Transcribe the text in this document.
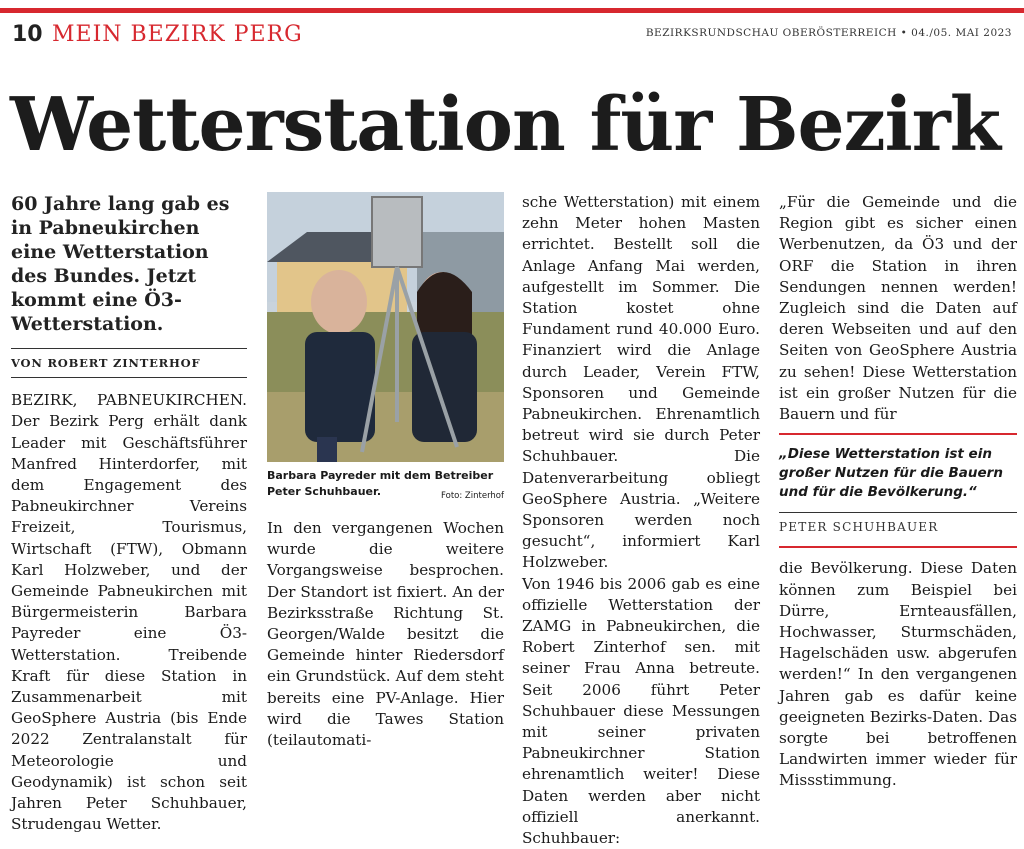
10 MEIN BEZIRK PERG	BEZIRKSRUNDSCHAU OBERÖSTERREICH • 04./05. MAI 2023
Wetterstation für Bezirk

60 Jahre lang gab es in Pabneukirchen eine Wetterstation des Bundes. Jetzt kommt eine Ö3-Wetterstation.

VON ROBERT ZINTERHOF

BEZIRK, PABNEUKIRCHEN. Der Bezirk Perg erhält dank Leader mit Geschäftsführer Manfred Hinterdorfer, mit dem Engagement des Pabneukirchner Vereins Freizeit, Tourismus, Wirtschaft (FTW), Obmann Karl Holzweber, und der Gemeinde Pabneukirchen mit Bürgermeisterin Barbara Payreder eine Ö3-Wetterstation. Treibende Kraft für diese Station in Zusammenarbeit mit GeoSphere Austria (bis Ende 2022 Zentralanstalt für Meteorologie und Geodynamik) ist schon seit Jahren Peter Schuhbauer, Strudengau Wetter.

Barbara Payreder mit dem Betreiber Peter Schuhbauer.	Foto: Zinterhof

In den vergangenen Wochen wurde die weitere Vorgangsweise besprochen. Der Standort ist fixiert. An der Bezirksstraße Richtung St. Georgen/Walde besitzt die Gemeinde hinter Riedersdorf ein Grundstück. Auf dem steht bereits eine PV-Anlage. Hier wird die Tawes Station (teilautomati-

sche Wetterstation) mit einem zehn Meter hohen Masten errichtet. Bestellt soll die Anlage Anfang Mai werden, aufgestellt im Sommer. Die Station kostet ohne Fundament rund 40.000 Euro. Finanziert wird die Anlage durch Leader, Verein FTW, Sponsoren und Gemeinde Pabneukirchen. Ehrenamtlich betreut wird sie durch Peter Schuhbauer. Die Datenverarbeitung obliegt GeoSphere Austria. „Weitere Sponsoren werden noch gesucht“, informiert Karl Holzweber.

Von 1946 bis 2006 gab es eine offizielle Wetterstation der ZAMG in Pabneukirchen, die Robert Zinterhof sen. mit seiner Frau Anna betreute. Seit 2006 führt Peter Schuhbauer diese Messungen mit seiner privaten Pabneukirchner Station ehrenamtlich weiter! Diese Daten werden aber nicht offiziell anerkannt. Schuhbauer:

„Für die Gemeinde und die Region gibt es sicher einen Werbenutzen, da Ö3 und der ORF die Station in ihren Sendungen nennen werden! Zugleich sind die Daten auf deren Webseiten und auf den Seiten von GeoSphere Austria zu sehen! Diese Wetterstation ist ein großer Nutzen für die Bauern und für

„Diese Wetterstation ist ein großer Nutzen für die Bauern und für die Bevölkerung.“

PETER SCHUHBAUER

die Bevölkerung. Diese Daten können zum Beispiel bei Dürre, Ernteausfällen, Hochwasser, Sturmschäden, Hagelschäden usw. abgerufen werden!“ In den vergangenen Jahren gab es dafür keine geeigneten Bezirks-Daten. Das sorgte bei betroffenen Landwirten immer wieder für Missstimmung.
